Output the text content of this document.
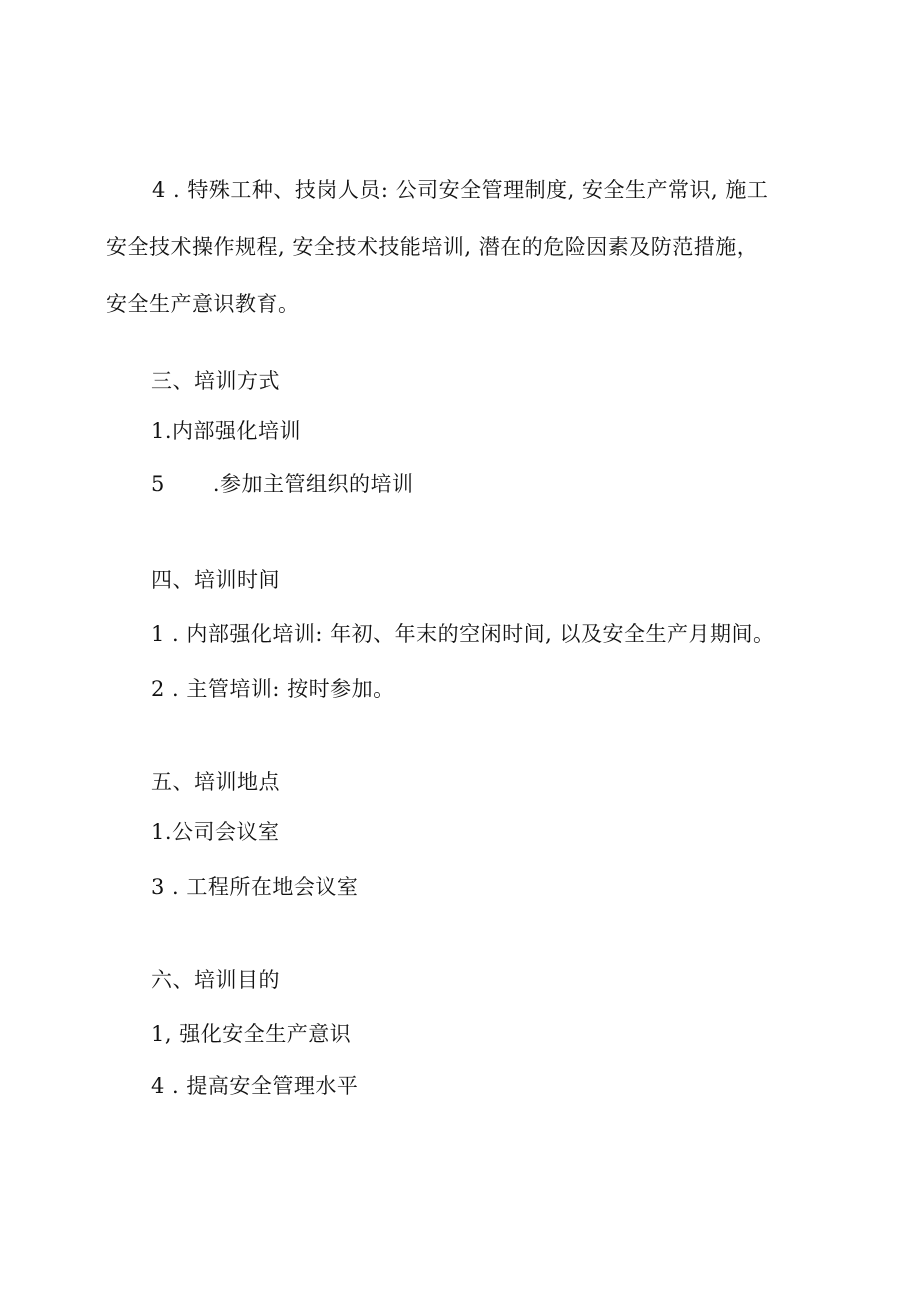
4 . 特殊工种、技岗人员: 公司安全管理制度, 安全生产常识, 施工
安全技术操作规程, 安全技术技能培训, 潜在的危险因素及防范措施，
安全生产意识教育。

三、培训方式

1.内部强化培训

5 .参加主管组织的培训

四、培训时间

1 . 内部强化培训: 年初、年末的空闲时间, 以及安全生产月期间。

2 . 主管培训: 按时参加。

五、培训地点

1.公司会议室

3 . 工程所在地会议室

六、培训目的

1, 强化安全生产意识

4 . 提高安全管理水平
